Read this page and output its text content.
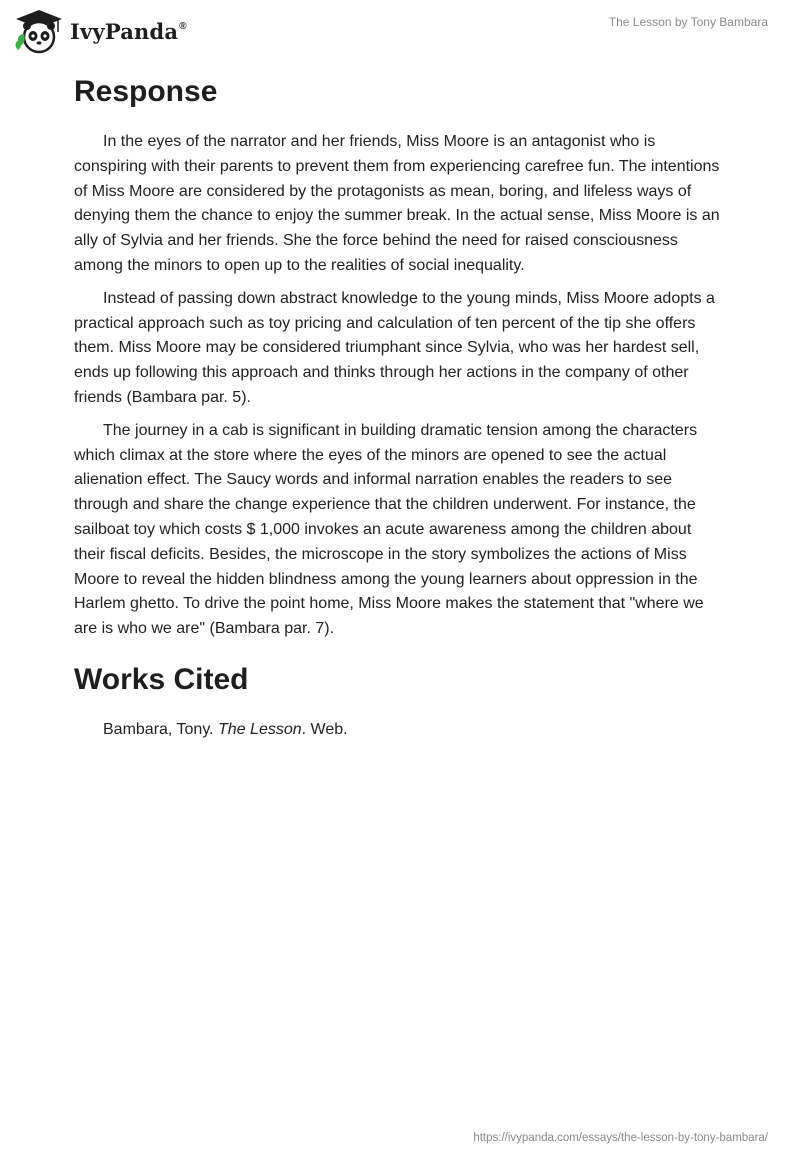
IvyPanda®	The Lesson by Tony Bambara
Response

In the eyes of the narrator and her friends, Miss Moore is an antagonist who is conspiring with their parents to prevent them from experiencing carefree fun. The intentions of Miss Moore are considered by the protagonists as mean, boring, and lifeless ways of denying them the chance to enjoy the summer break. In the actual sense, Miss Moore is an ally of Sylvia and her friends. She the force behind the need for raised consciousness among the minors to open up to the realities of social inequality.

Instead of passing down abstract knowledge to the young minds, Miss Moore adopts a practical approach such as toy pricing and calculation of ten percent of the tip she offers them. Miss Moore may be considered triumphant since Sylvia, who was her hardest sell, ends up following this approach and thinks through her actions in the company of other friends (Bambara par. 5).

The journey in a cab is significant in building dramatic tension among the characters which climax at the store where the eyes of the minors are opened to see the actual alienation effect. The Saucy words and informal narration enables the readers to see through and share the change experience that the children underwent. For instance, the sailboat toy which costs $ 1,000 invokes an acute awareness among the children about their fiscal deficits. Besides, the microscope in the story symbolizes the actions of Miss Moore to reveal the hidden blindness among the young learners about oppression in the Harlem ghetto. To drive the point home, Miss Moore makes the statement that "where we are is who we are" (Bambara par. 7).

Works Cited
Bambara, Tony. The Lesson. Web.
https://ivypanda.com/essays/the-lesson-by-tony-bambara/
